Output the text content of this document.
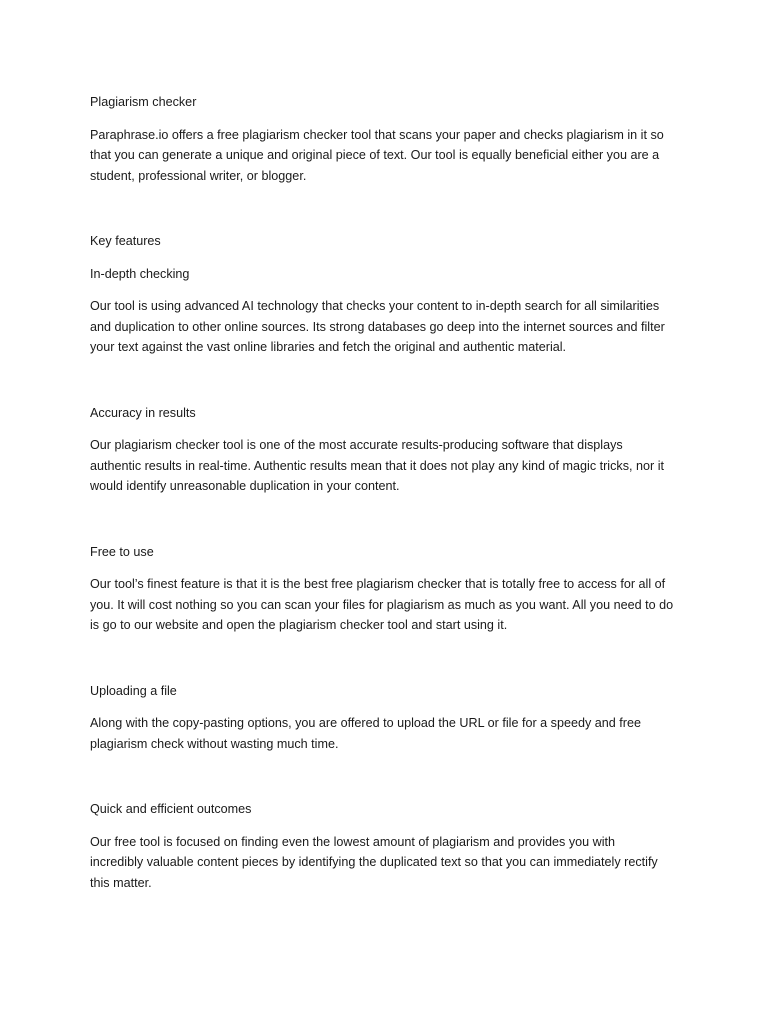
Plagiarism checker

Paraphrase.io offers a free plagiarism checker tool that scans your paper and checks plagiarism in it so

that you can generate a unique and original piece of text. Our tool is equally beneficial either you are a

student, professional writer, or blogger.

Key features

In-depth checking

Our tool is using advanced AI technology that checks your content to in-depth search for all similarities

and duplication to other online sources. Its strong databases go deep into the internet sources and filter

your text against the vast online libraries and fetch the original and authentic material.

Accuracy in results

Our plagiarism checker tool is one of the most accurate results-producing software that displays

authentic results in real-time. Authentic results mean that it does not play any kind of magic tricks, nor it

would identify unreasonable duplication in your content.

Free to use

Our tool’s finest feature is that it is the best free plagiarism checker that is totally free to access for all of

you. It will cost nothing so you can scan your files for plagiarism as much as you want. All you need to do

is go to our website and open the plagiarism checker tool and start using it.

Uploading a file

Along with the copy-pasting options, you are offered to upload the URL or file for a speedy and free

plagiarism check without wasting much time.

Quick and efficient outcomes

Our free tool is focused on finding even the lowest amount of plagiarism and provides you with

incredibly valuable content pieces by identifying the duplicated text so that you can immediately rectify

this matter.
